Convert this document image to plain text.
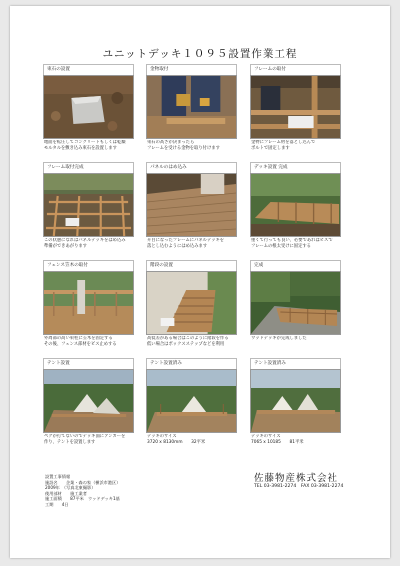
ユニットデッキ１０９５設置作業工程
束石の設置
地面を転圧してコンクリートもしくは乾燥
モルタルを敷き込み束石を設置します
金物取付
束石の高さが決まったら
フレームを受ける金物を取り付けます
フレームの取付
金物にフレーム材を落とし込んで
ボルトで固定します
フレーム取付完成
この状態になればパネルデッキをはめ込み
準備ができあがります
パネルのはめ込み
升目になったフレームにパネルデッキを
落とし込むようにはめ込みます
デッキ設置 完成
重くて行っても良い、必要であればビスで
フレームの根太受けに固定する
フェンス笠木の取付
外周部の高い束柱に笠木を固定する
その後、フェンス部材をビス止めする
階段の設置
高低差がある場合はこのように階段を作る
低い場合はボックスステップなどを利用
完成
ウッドデッキが完成しました
テント設置
ペグが打てないのでデッキ面にアンカーを
作り、テントを設置します
テント設置済み
デッキのサイズ
3720 x 8130mm　　32平米
テント設置済み
デッキのサイズ
7065 x 10185　　81平米
設置工事情報
施設名　　企業・森の家（横浜市港区）
2009年　（写真北東撮影）
使用部材　　施工業者
施工面積　　87平米　ウッドデッキ1基
工期　　4日
佐藤物産株式会社
TEL 03-3981-2274　FAX 03-3981-2274
